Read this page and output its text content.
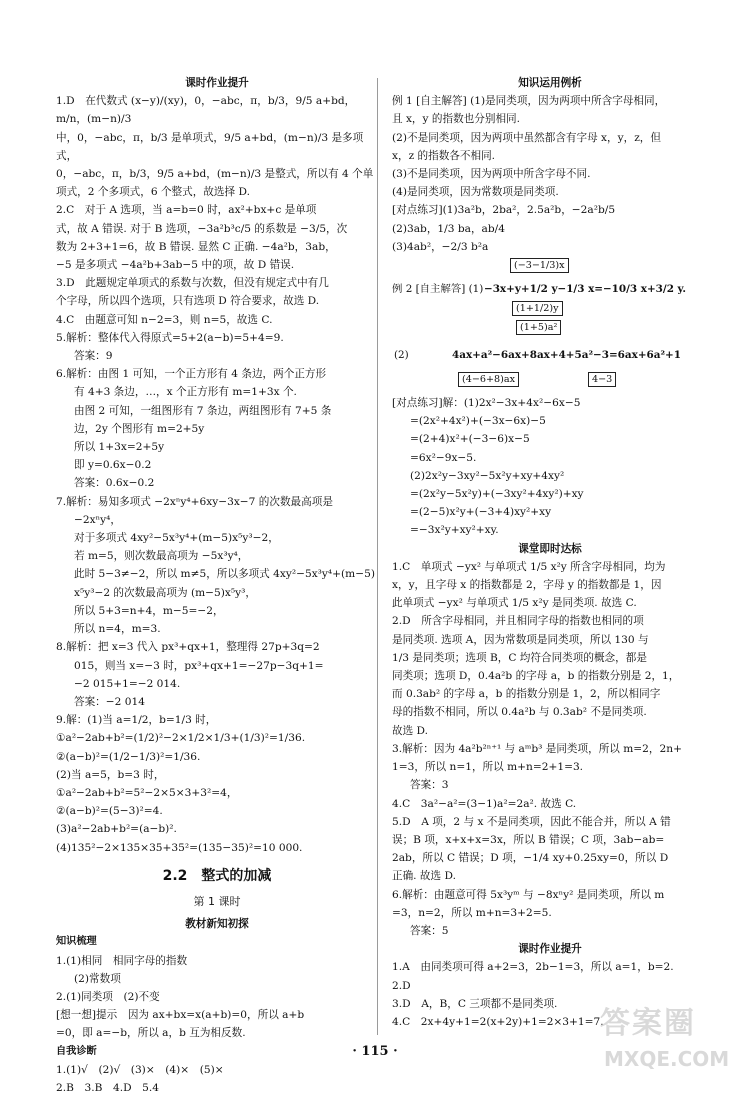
课时作业提升

1.D　在代数式 (x−y)/(xy)，0，−abc，π，b/3，9/5 a+bd，m/n，(m−n)/3

中，0，−abc，π，b/3 是单项式，9/5 a+bd，(m−n)/3 是多项式，

0，−abc，π，b/3，9/5 a+bd，(m−n)/3 是整式，所以有 4 个单

项式，2 个多项式，6 个整式，故选择 D.

2.C　对于 A 选项，当 a=b=0 时，ax²+bx+c 是单项

式，故 A 错误. 对于 B 选项，−3a²b³c/5 的系数是 −3/5，次

数为 2+3+1=6，故 B 错误. 显然 C 正确. −4a²b，3ab，

−5 是多项式 −4a²b+3ab−5 中的项，故 D 错误.

3.D　此题规定单项式的系数与次数，但没有规定式中有几

个字母，所以四个选项，只有选项 D 符合要求，故选 D.

4.C　由题意可知 n−2=3，则 n=5，故选 C.

5.解析：整体代入得原式=5+2(a−b)=5+4=9.

答案：9

6.解析：由图 1 可知，一个正方形有 4 条边，两个正方形

有 4+3 条边，…，x 个正方形有 m=1+3x 个.

由图 2 可知，一组图形有 7 条边，两组图形有 7+5 条

边，2y 个图形有 m=2+5y

所以 1+3x=2+5y

即 y=0.6x−0.2

答案：0.6x−0.2

7.解析：易知多项式 −2xⁿy⁴+6xy−3x−7 的次数最高项是

−2xⁿy⁴，

对于多项式 4xy²−5x³y⁴+(m−5)x⁵y³−2，

若 m=5，则次数最高项为 −5x³y⁴，

此时 5−3≠−2，所以 m≠5，所以多项式 4xy²−5x³y⁴+(m−5)

x⁵y³−2 的次数最高项为 (m−5)x⁵y³，

所以 5+3=n+4，m−5=−2，

所以 n=4，m=3.

8.解析：把 x=3 代入 px³+qx+1，整理得 27p+3q=2

015，则当 x=−3 时，px³+qx+1=−27p−3q+1=

−2 015+1=−2 014.

答案：−2 014

9.解：(1)当 a=1/2，b=1/3 时，

①a²−2ab+b²=(1/2)²−2×1/2×1/3+(1/3)²=1/36.

②(a−b)²=(1/2−1/3)²=1/36.

(2)当 a=5，b=3 时，

①a²−2ab+b²=5²−2×5×3+3²=4，

②(a−b)²=(5−3)²=4.

(3)a²−2ab+b²=(a−b)².

(4)135²−2×135×35+35²=(135−35)²=10 000.

2.2　整式的加减
第 1 课时
教材新知初探
知识梳理

1.(1)相同　相同字母的指数

(2)常数项

2.(1)同类项　(2)不变

[想一想]提示　因为 ax+bx=x(a+b)=0，所以 a+b

=0，即 a=−b，所以 a，b 互为相反数.

自我诊断

1.(1)√　(2)√　(3)×　(4)×　(5)×

2.B　3.B　4.D　5.4

知识运用例析

例 1 [自主解答] (1)是同类项，因为两项中所含字母相同，

且 x，y 的指数也分别相同.

(2)不是同类项，因为两项中虽然都含有字母 x，y，z，但

x，z 的指数各不相同.

(3)不是同类项，因为两项中所含字母不同.

(4)是同类项，因为常数项是同类项.

[对点练习](1)3a²b，2ba²，2.5a²b，−2a²b/5

(2)3ab，1/3 ba，ab/4

(3)4ab²，−2/3 b²a

(−3−1/3)x
例 2 [自主解答] (1) −3x+y+1/2 y−1/3 x=−10/3 x+3/2 y.
(1+1/2)y
(1+5)a²
(2)	4ax+a²−6ax+8ax+4+5a²−3=6ax+6a²+1
(4−6+8)ax	4−3

[对点练习]解：(1)2x²−3x+4x²−6x−5

=(2x²+4x²)+(−3x−6x)−5

=(2+4)x²+(−3−6)x−5

=6x²−9x−5.

(2)2x²y−3xy²−5x²y+xy+4xy²

=(2x²y−5x²y)+(−3xy²+4xy²)+xy

=(2−5)x²y+(−3+4)xy²+xy

=−3x²y+xy²+xy.

课堂即时达标

1.C　单项式 −yx² 与单项式 1/5 x²y 所含字母相同，均为

x，y，且字母 x 的指数都是 2，字母 y 的指数都是 1，因

此单项式 −yx² 与单项式 1/5 x²y 是同类项. 故选 C.

2.D　所含字母相同，并且相同字母的指数也相同的项

是同类项. 选项 A，因为常数项是同类项，所以 130 与

1/3 是同类项；选项 B，C 均符合同类项的概念，都是

同类项；选项 D，0.4a²b 的字母 a，b 的指数分别是 2，1，

而 0.3ab² 的字母 a，b 的指数分别是 1，2，所以相同字

母的指数不相同，所以 0.4a²b 与 0.3ab² 不是同类项.

故选 D.

3.解析：因为 4a²b²ⁿ⁺¹ 与 aᵐb³ 是同类项，所以 m=2，2n+

1=3，所以 n=1，所以 m+n=2+1=3.

答案：3

4.C　3a²−a²=(3−1)a²=2a². 故选 C.

5.D　A 项，2 与 x 不是同类项，因此不能合并，所以 A 错

误；B 项，x+x+x=3x，所以 B 错误；C 项，3ab−ab=

2ab，所以 C 错误；D 项，−1/4 xy+0.25xy=0，所以 D

正确. 故选 D.

6.解析：由题意可得 5x³yᵐ 与 −8xⁿy² 是同类项，所以 m

=3，n=2，所以 m+n=3+2=5.

答案：5

课时作业提升

1.A　由同类项可得 a+2=3，2b−1=3，所以 a=1，b=2.

2.D

3.D　A，B，C 三项都不是同类项.

4.C　2x+4y+1=2(x+2y)+1=2×3+1=7.

· 115 ·
答案圈
MXQE.COM
